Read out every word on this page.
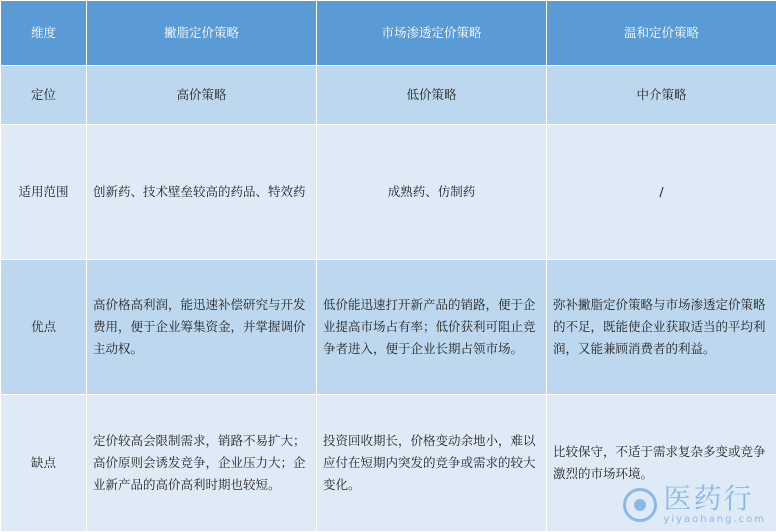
维度	撇脂定价策略	市场渗透定价策略	温和定价策略
定位	高价策略	低价策略	中介策略
适用范围	创新药、技术壁垒较高的药品、特效药	成熟药、仿制药	/
优点	高价格高利润，能迅速补偿研究与开发费用，便于企业筹集资金，并掌握调价主动权。	低价能迅速打开新产品的销路，便于企业提高市场占有率；低价获利可阻止竞争者进入，便于企业长期占领市场。	弥补撇脂定价策略与市场渗透定价策略的不足，既能使企业获取适当的平均利润，又能兼顾消费者的利益。
缺点	定价较高会限制需求，销路不易扩大；高价原则会诱发竞争，企业压力大；企业新产品的高价高利时期也较短。	投资回收期长，价格变动余地小，难以应付在短期内突发的竞争或需求的较大变化。	比较保守，不适于需求复杂多变或竞争激烈的市场环境。
医药行
yiyaohang.com
